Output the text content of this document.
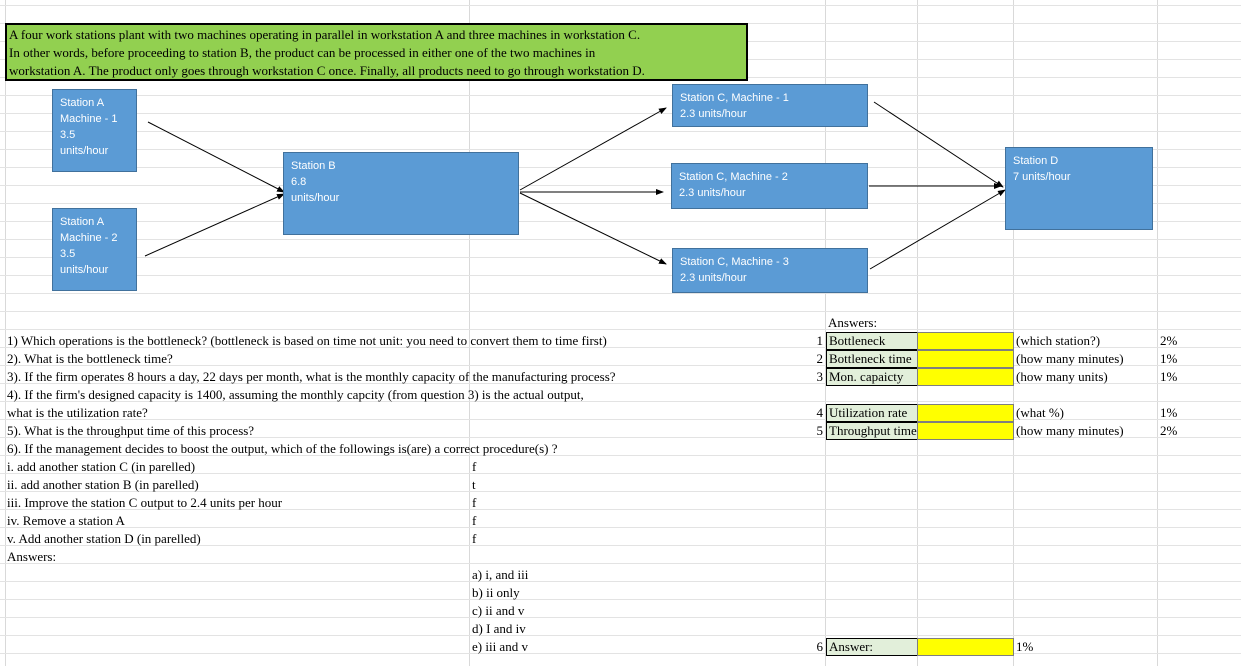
A four work stations plant with two machines operating in parallel in workstation A and three machines in workstation C.
In other words, before proceeding to station B, the product can be processed in either one of the two machines in
workstation A. The product only goes through workstation C once. Finally, all products need to go through workstation D.
Station A
Machine - 1
3.5
units/hour
Station A
Machine - 2
3.5
units/hour
Station B
6.8
units/hour
Station C, Machine - 1
2.3 units/hour
Station C, Machine - 2
2.3 units/hour
Station C, Machine - 3
2.3 units/hour
Station D
7 units/hour
1) Which operations is the bottleneck? (bottleneck is based on time not unit: you need to convert them to time first)
2). What is the bottleneck time?
3). If the firm operates 8 hours a day, 22 days per month, what is the monthly capacity of the manufacturing process?
4). If the firm's designed capacity is 1400, assuming the monthly capcity (from question 3) is the actual output,
what is the utilization rate?
5). What is the throughput time of this process?
6). If the management decides to boost the output, which of the followings is(are) a correct procedure(s) ?
i. add another station C (in parelled)	f
ii. add another station B (in parelled)	t
iii. Improve the station C output to 2.4 units per hour	f
iv. Remove a station A	f
v. Add another station D (in parelled)	f
Answers:
a) i, and iii
b) ii only
c) ii and v
d) I and iv
e) iii and v
Answers:
1 Bottleneck	(which station?)	2%
2 Bottleneck time	(how many minutes)	1%
3 Mon. capaicty	(how many units)	1%
4 Utilization rate	(what %)	1%
5 Throughput time	(how many minutes)	2%
6 Answer:	1%
